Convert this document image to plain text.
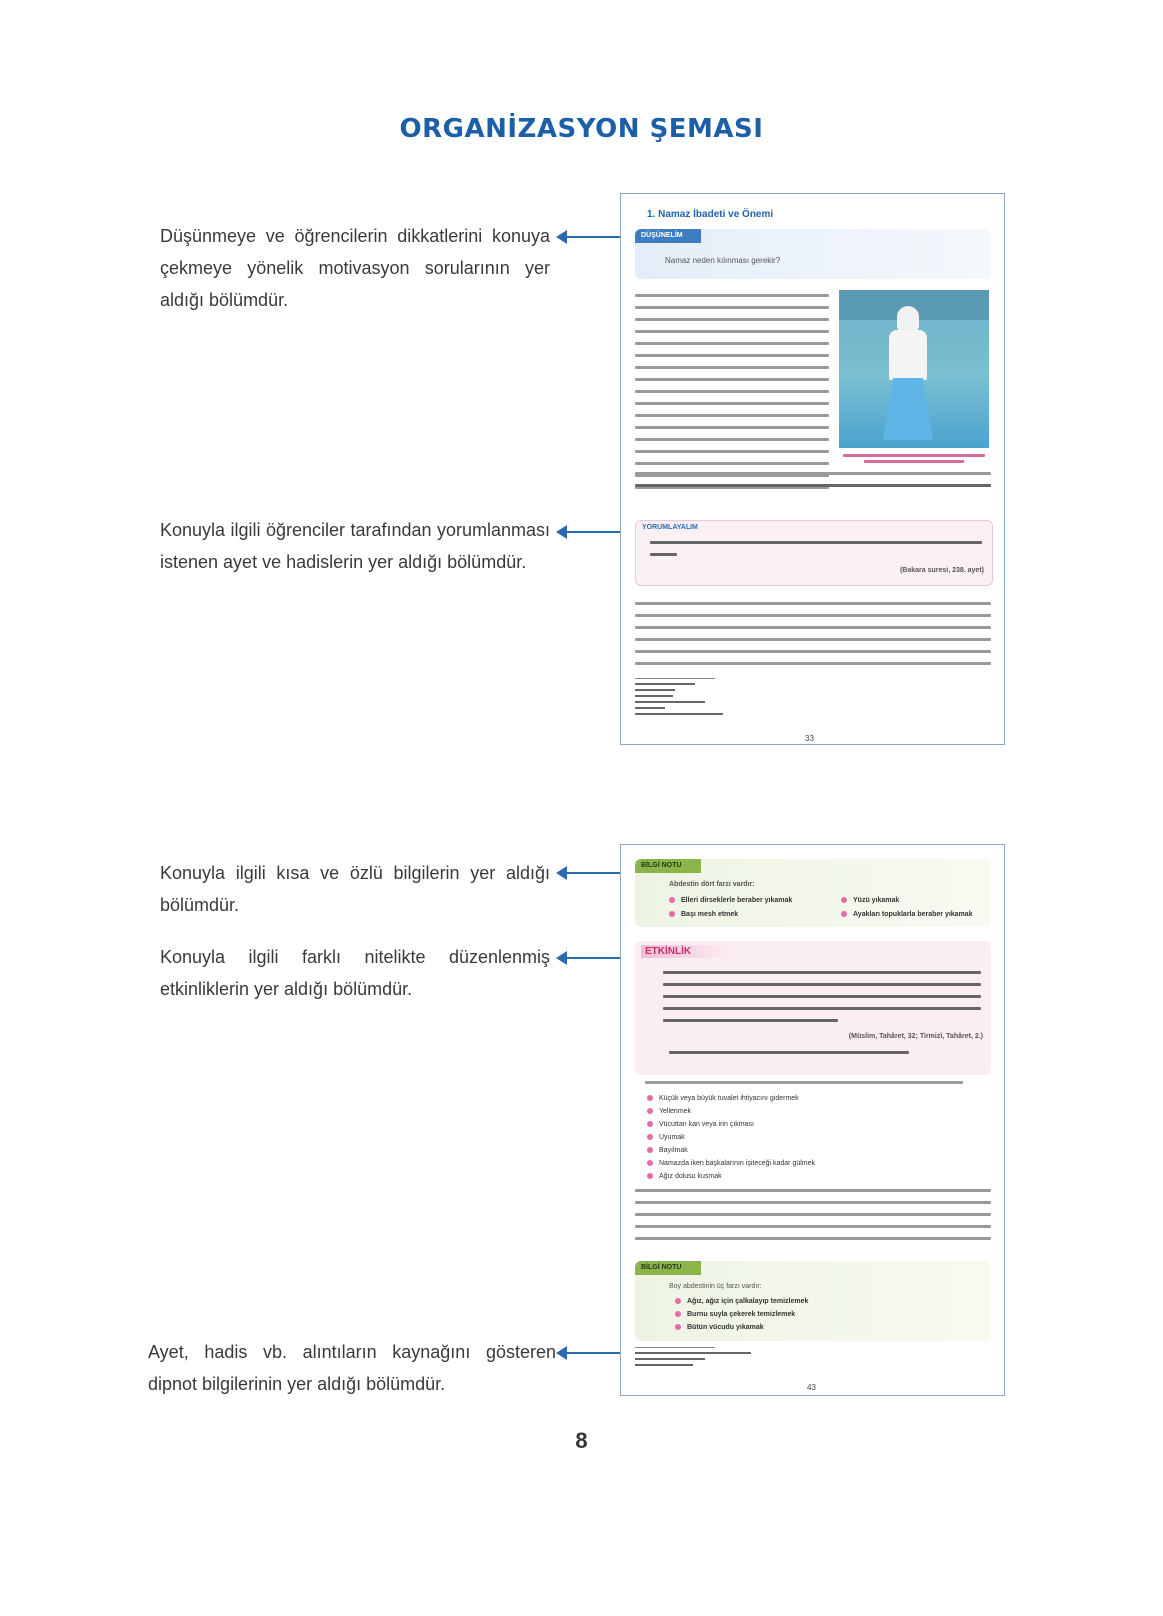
ORGANİZASYON ŞEMASI
Düşünmeye ve öğrencilerin dikkatlerini konuya çekmeye yönelik motivasyon sorularının yer aldığı bölümdür.
Konuyla ilgili öğrenciler tarafından yorumlanması istenen ayet ve hadislerin yer aldığı bölümdür.
Konuyla ilgili kısa ve özlü bilgilerin yer aldığı bölümdür.
Konuyla ilgili farklı nitelikte düzenlenmiş etkinliklerin yer aldığı bölümdür.
Ayet, hadis vb. alıntıların kaynağını gösteren dipnot bilgilerinin yer aldığı bölümdür.
1. Namaz İbadeti ve Önemi
DÜŞÜNELİM
Namaz neden kılınması gerekir?
YORUMLAYALIM
(Bakara suresi, 238. ayet)
33
BİLGİ NOTU
Abdestin dört farzı vardır:
Elleri dirseklerle beraber yıkamak
Başı mesh etmek
Yüzü yıkamak
Ayakları topuklarla beraber yıkamak
ETKİNLİK
(Müslim, Tahâret, 32; Tirmizî, Tahâret, 2.)
Küçük veya büyük tuvalet ihtiyacını gidermek
Yellenmek
Vücuttan kan veya irin çıkması
Uyumak
Bayılmak
Namazda iken başkalarının işiteceği kadar gülmek
Ağız dolusu kusmak
BİLGİ NOTU
Boy abdestinin üç farzı vardır:
Ağız, ağız için çalkalayıp temizlemek
Burnu suyla çekerek temizlemek
Bütün vücudu yıkamak
43
8
